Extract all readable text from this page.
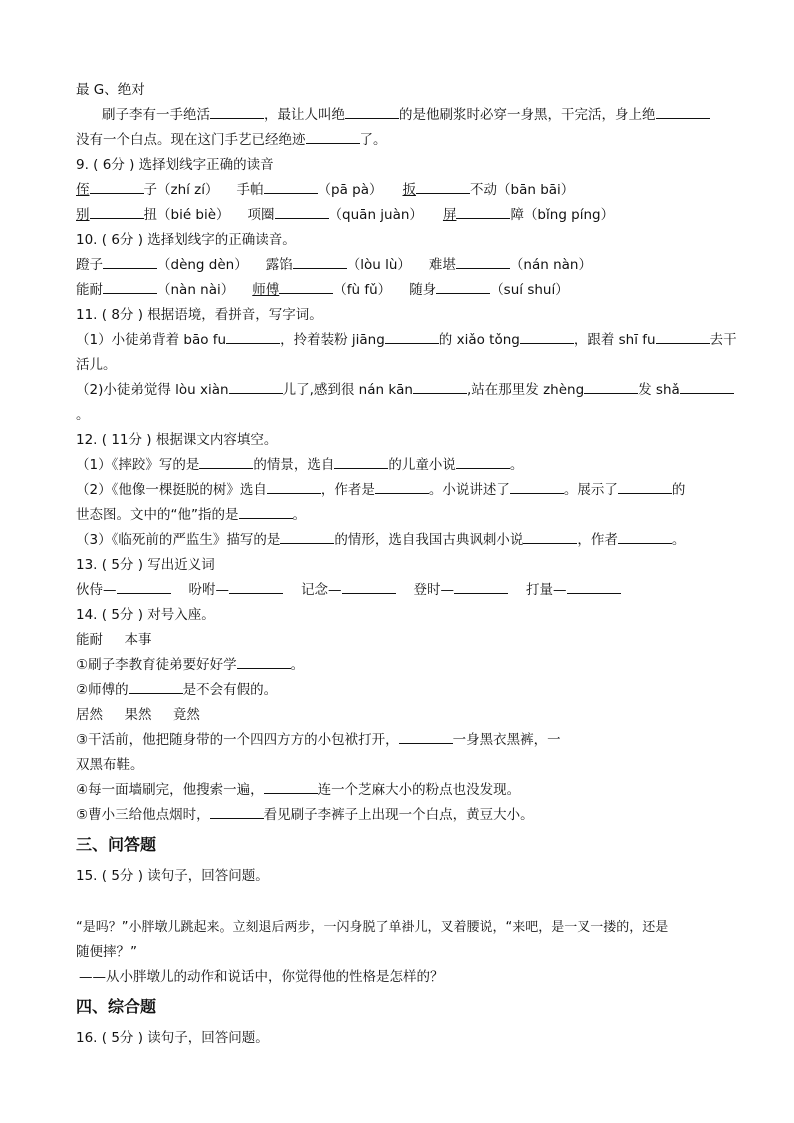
最 G、绝对
刷子李有一手绝活	，最让人叫绝	的是他刷浆时必穿一身黑，干完活，身上绝
没有一个白点。现在这门手艺已经绝迹	了。
9. ( 6分 ) 选择划线字正确的读音
侄	子（zhí zí） 手帕	（pā pà） 扳	不动（bān bāi）
别	扭（bié biè） 项圈	（quān juàn） 屏	障（bǐng píng）
10. ( 6分 ) 选择划线字的正确读音。
蹬子	（dèng dèn） 露馅	（lòu lù） 难堪	（nán nàn）
能耐	（nàn nài） 师傅	（fù fǔ） 随身	（suí shuí）
11. ( 8分 ) 根据语境，看拼音，写字词。
（1）小徒弟背着 bāo fu	，拎着装粉 jiāng	的 xiǎo tǒng	，跟着 shī fu	去干
活儿。
（2)小徒弟觉得 lòu xiàn	儿了,感到很 nán kān	,站在那里发 zhèng	发 shǎ
。
12. ( 11分 ) 根据课文内容填空。
（1）《摔跤》写的是	的情景，选自	的儿童小说	。
（2）《他像一棵挺脱的树》选自	，作者是	。小说讲述了	。展示了	的
世态图。文中的“他”指的是	。
（3）《临死前的严监生》描写的是	的情形，选自我国古典讽刺小说	，作者	。
13. ( 5分 ) 写出近义词
伙侍—	吩咐—	记念—	登时—	打量—
14. ( 5分 ) 对号入座。
能耐     本事
①刷子李教育徒弟要好好学	。
②师傅的	是不会有假的。
居然     果然     竟然
③干活前，他把随身带的一个四四方方的小包袱打开，	一身黑衣黑裤，一
双黑布鞋。
④每一面墙刷完，他搜索一遍，	连一个芝麻大小的粉点也没发现。
⑤曹小三给他点烟时，	看见刷子李裤子上出现一个白点，黄豆大小。
三、问答题
15. ( 5分 ) 读句子，回答问题。
“是吗？”小胖墩儿跳起来。立刻退后两步，一闪身脱了单褂儿，叉着腰说，“来吧，是一叉一搂的，还是
随便摔？”
——从小胖墩儿的动作和说话中，你觉得他的性格是怎样的？
四、综合题
16. ( 5分 ) 读句子，回答问题。
